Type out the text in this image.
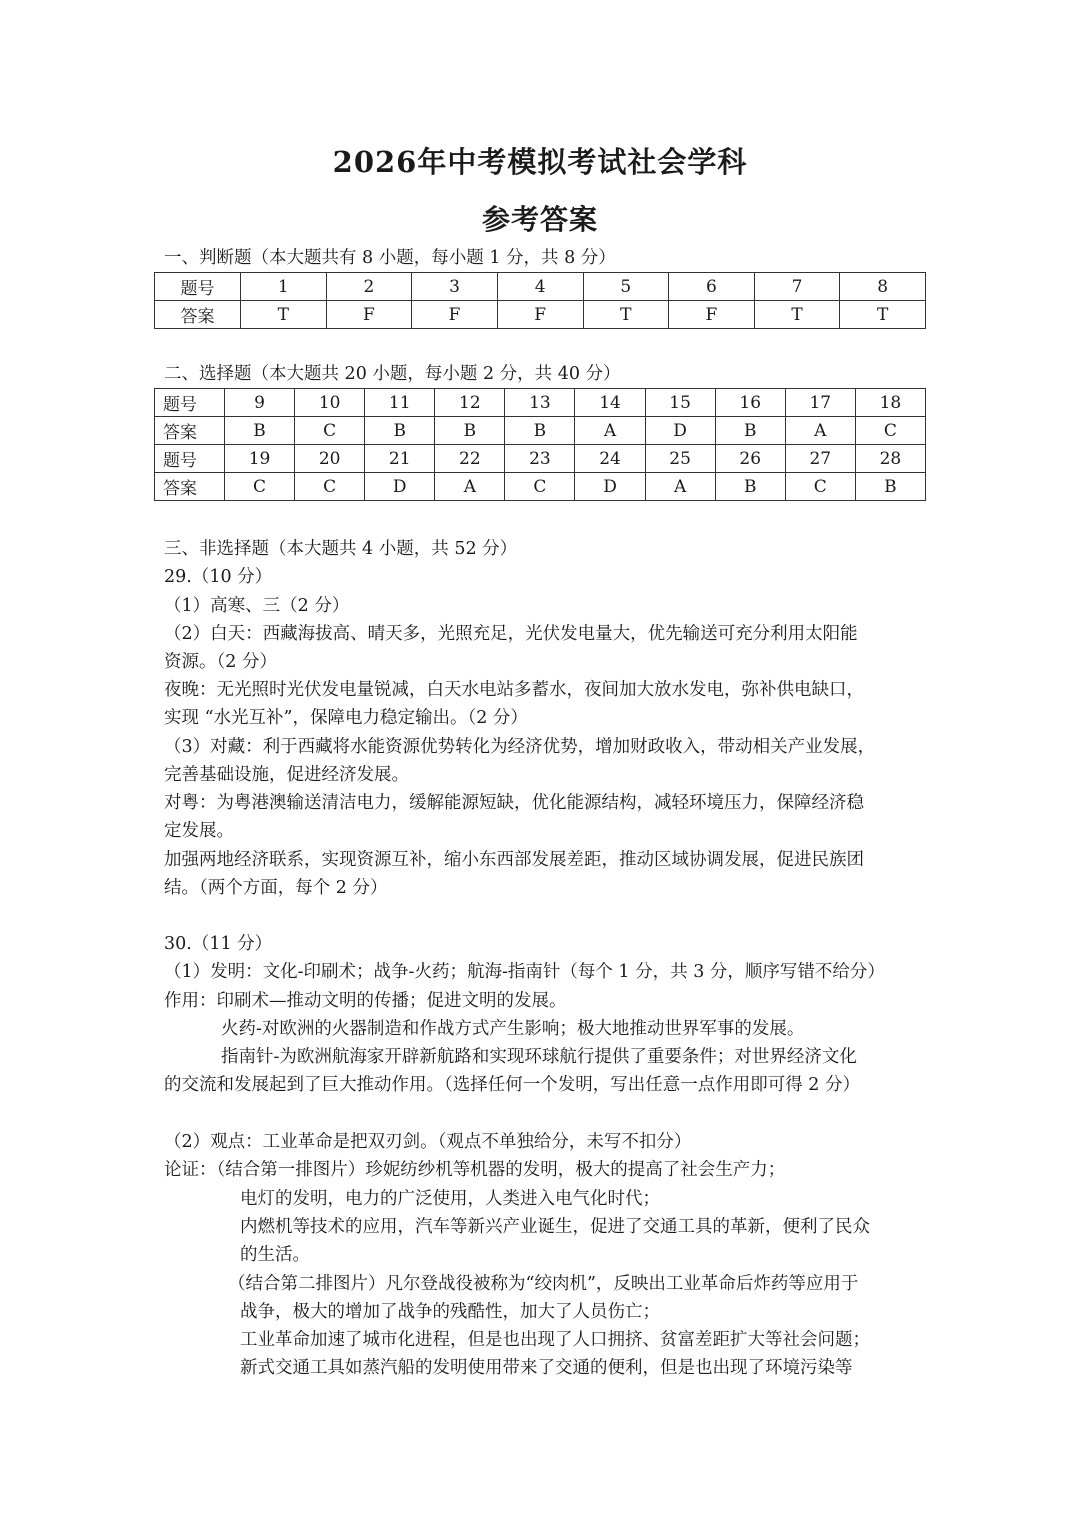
2026年中考模拟考试社会学科
参考答案
一、判断题（本大题共有 8 小题，每小题 1 分，共 8 分）
题号	1	2	3	4	5	6	7	8
答案	T	F	F	F	T	F	T	T
二、选择题（本大题共 20 小题，每小题 2 分，共 40 分）
题号	9	10	11	12	13	14	15	16	17	18
答案	B	C	B	B	B	A	D	B	A	C
题号	19	20	21	22	23	24	25	26	27	28
答案	C	C	D	A	C	D	A	B	C	B
三、非选择题（本大题共 4 小题，共 52 分）
29.（10 分）
（1）高寒、三（2 分）
（2）白天：西藏海拔高、晴天多，光照充足，光伏发电量大，优先输送可充分利用太阳能
资源。（2 分）
夜晚：无光照时光伏发电量锐减，白天水电站多蓄水，夜间加大放水发电，弥补供电缺口，
实现 “水光互补”，保障电力稳定输出。（2 分）
（3）对藏：利于西藏将水能资源优势转化为经济优势，增加财政收入，带动相关产业发展，
完善基础设施，促进经济发展。
对粤：为粤港澳输送清洁电力，缓解能源短缺，优化能源结构，减轻环境压力，保障经济稳
定发展。
加强两地经济联系，实现资源互补，缩小东西部发展差距，推动区域协调发展，促进民族团
结。（两个方面，每个 2 分）
30.（11 分）
（1）发明：文化-印刷术；战争-火药；航海-指南针（每个 1 分，共 3 分，顺序写错不给分）
作用：印刷术—推动文明的传播；促进文明的发展。
火药-对欧洲的火器制造和作战方式产生影响；极大地推动世界军事的发展。
指南针-为欧洲航海家开辟新航路和实现环球航行提供了重要条件；对世界经济文化
的交流和发展起到了巨大推动作用。（选择任何一个发明，写出任意一点作用即可得 2 分）
（2）观点：工业革命是把双刃剑。（观点不单独给分，未写不扣分）
论证：（结合第一排图片）珍妮纺纱机等机器的发明，极大的提高了社会生产力；
电灯的发明，电力的广泛使用，人类进入电气化时代；
内燃机等技术的应用，汽车等新兴产业诞生，促进了交通工具的革新，便利了民众
的生活。
（结合第二排图片）凡尔登战役被称为“绞肉机”，反映出工业革命后炸药等应用于
战争，极大的增加了战争的残酷性，加大了人员伤亡；
工业革命加速了城市化进程，但是也出现了人口拥挤、贫富差距扩大等社会问题；
新式交通工具如蒸汽船的发明使用带来了交通的便利，但是也出现了环境污染等
